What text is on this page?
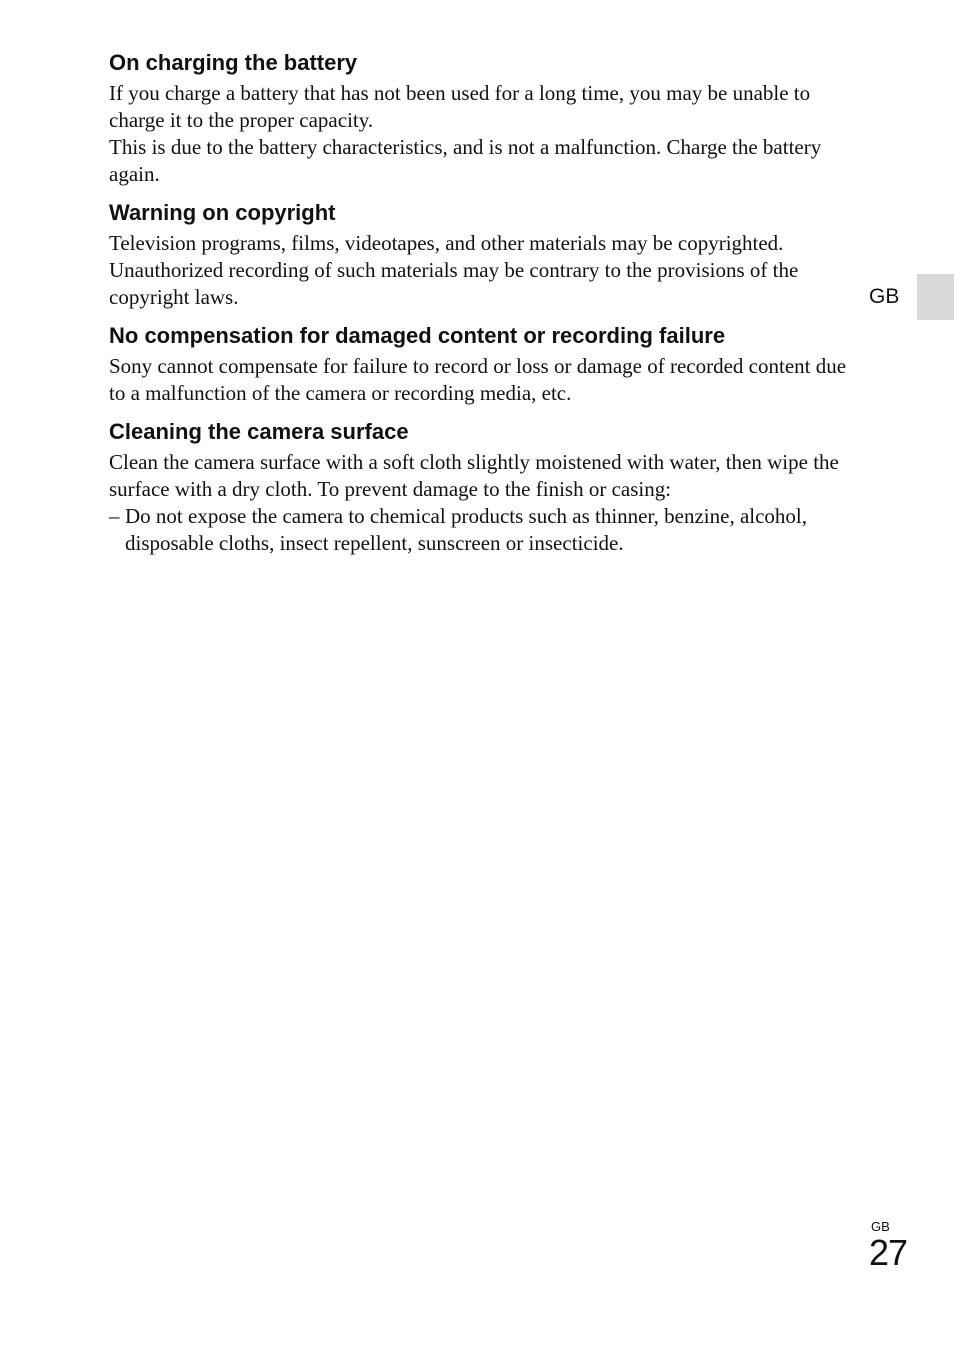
On charging the battery

If you charge a battery that has not been used for a long time, you may be unable to charge it to the proper capacity.

This is due to the battery characteristics, and is not a malfunction. Charge the battery again.

Warning on copyright

Television programs, films, videotapes, and other materials may be copyrighted. Unauthorized recording of such materials may be contrary to the provisions of the copyright laws.

No compensation for damaged content or recording failure

Sony cannot compensate for failure to record or loss or damage of recorded content due to a malfunction of the camera or recording media, etc.

Cleaning the camera surface

Clean the camera surface with a soft cloth slightly moistened with water, then wipe the surface with a dry cloth. To prevent damage to the finish or casing:

– Do not expose the camera to chemical products such as thinner, benzine, alcohol, disposable cloths, insect repellent, sunscreen or insecticide.
GB
GB
27
